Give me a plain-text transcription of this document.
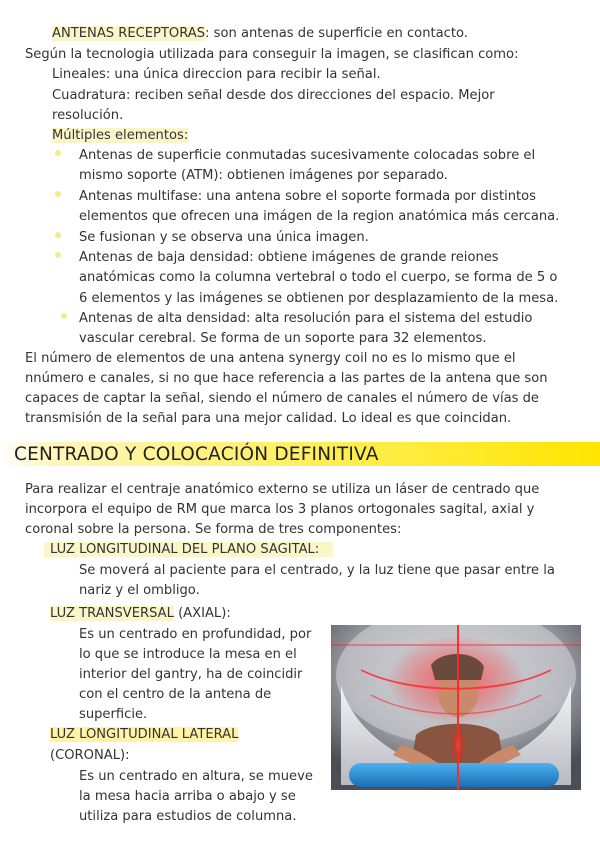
ANTENAS RECEPTORAS: son antenas de superficie en contacto.
Según la tecnologia utilizada para conseguir la imagen, se clasifican como:
Lineales: una única direccion para recibir la señal.
Cuadratura: reciben señal desde dos direcciones del espacio. Mejor
resolución.
Múltiples elementos:
Antenas de superficie conmutadas sucesivamente colocadas sobre el
mismo soporte (ATM): obtienen imágenes por separado.
Antenas multifase: una antena sobre el soporte formada por distintos
elementos que ofrecen una imágen de la region anatómica más cercana.
Se fusionan y se observa una única imagen.
Antenas de baja densidad: obtiene imágenes de grande reiones
anatómicas como la columna vertebral o todo el cuerpo, se forma de 5 o
6 elementos y las imágenes se obtienen por desplazamiento de la mesa.
Antenas de alta densidad: alta resolución para el sistema del estudio
vascular cerebral. Se forma de un soporte para 32 elementos.
El número de elementos de una antena synergy coil no es lo mismo que el
nnúmero e canales, si no que hace referencia a las partes de la antena que son
capaces de captar la señal, siendo el número de canales el número de vías de
transmisión de la señal para una mejor calidad. Lo ideal es que coincidan.
CENTRADO Y COLOCACIÓN DEFINITIVA
Para realizar el centraje anatómico externo se utiliza un láser de centrado que
incorpora el equipo de RM que marca los 3 planos ortogonales sagital, axial y
coronal sobre la persona. Se forma de tres componentes:
LUZ LONGITUDINAL DEL PLANO SAGITAL:
Se moverá al paciente para el centrado, y la luz tiene que pasar entre la
nariz y el ombligo.
LUZ TRANSVERSAL (AXIAL):
Es un centrado en profundidad, por
lo que se introduce la mesa en el
interior del gantry, ha de coincidir
con el centro de la antena de
superficie.
LUZ LONGITUDINAL LATERAL
(CORONAL):
Es un centrado en altura, se mueve
la mesa hacia arriba o abajo y se
utiliza para estudios de columna.
